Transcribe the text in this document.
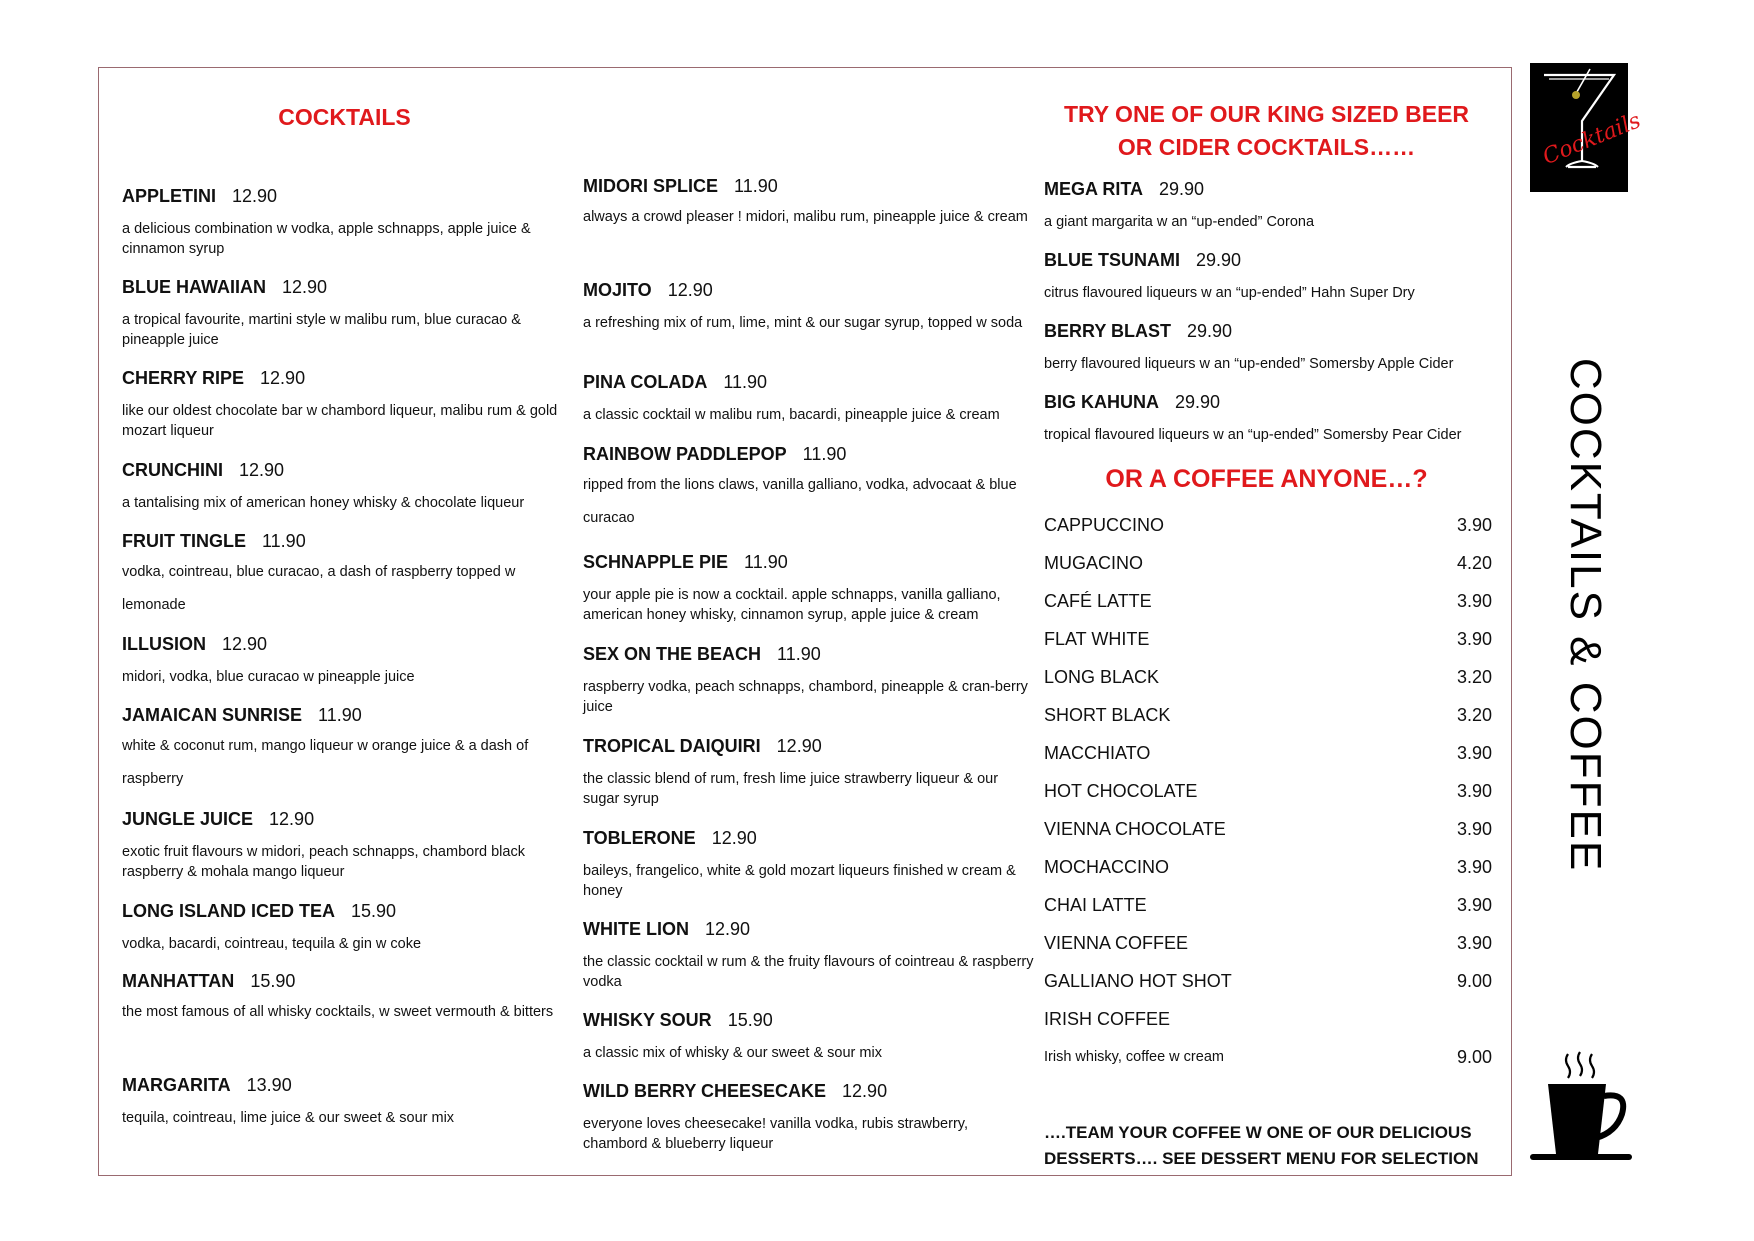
COCKTAILS
APPLETINI 12.90
a delicious combination w vodka, apple schnapps, apple juice & cinnamon syrup
BLUE HAWAIIAN 12.90
a tropical favourite, martini style w malibu rum, blue curacao & pineapple juice
CHERRY RIPE 12.90
like our oldest chocolate bar w chambord liqueur, malibu rum & gold mozart liqueur
CRUNCHINI 12.90
a tantalising mix of american honey whisky & chocolate liqueur
FRUIT TINGLE 11.90
vodka, cointreau, blue curacao, a dash of raspberry topped w lemonade
ILLUSION 12.90
midori, vodka, blue curacao w pineapple juice
JAMAICAN SUNRISE 11.90
white & coconut rum, mango liqueur w orange juice & a dash of raspberry
JUNGLE JUICE 12.90
exotic fruit flavours w midori, peach schnapps, chambord black raspberry & mohala mango liqueur
LONG ISLAND ICED TEA 15.90
vodka, bacardi, cointreau, tequila & gin w coke
MANHATTAN 15.90
the most famous of all whisky cocktails, w sweet vermouth & bitters
MARGARITA 13.90
tequila, cointreau, lime juice & our sweet & sour mix
MIDORI SPLICE 11.90
always a crowd pleaser ! midori, malibu rum, pineapple juice & cream
MOJITO 12.90
a refreshing mix of rum, lime, mint & our sugar syrup, topped w soda
PINA COLADA 11.90
a classic cocktail w malibu rum, bacardi, pineapple juice & cream
RAINBOW PADDLEPOP 11.90
ripped from the lions claws, vanilla galliano, vodka, advocaat & blue curacao
SCHNAPPLE PIE 11.90
your apple pie is now a cocktail. apple schnapps, vanilla galliano, american honey whisky, cinnamon syrup, apple juice & cream
SEX ON THE BEACH 11.90
raspberry vodka, peach schnapps, chambord, pineapple & cran-berry juice
TROPICAL DAIQUIRI 12.90
the classic blend of rum, fresh lime juice strawberry liqueur & our sugar syrup
TOBLERONE 12.90
baileys, frangelico, white & gold mozart liqueurs finished w cream & honey
WHITE LION 12.90
the classic cocktail w rum & the fruity flavours of cointreau & raspberry vodka
WHISKY SOUR 15.90
a classic mix of whisky & our sweet & sour mix
WILD BERRY CHEESECAKE 12.90
everyone loves cheesecake! vanilla vodka, rubis strawberry, chambord & blueberry liqueur
TRY ONE OF OUR KING SIZED BEER OR CIDER COCKTAILS……
MEGA RITA 29.90
a giant margarita w an “up-ended” Corona
BLUE TSUNAMI 29.90
citrus flavoured liqueurs w an “up-ended” Hahn Super Dry
BERRY BLAST 29.90
berry flavoured liqueurs w an “up-ended” Somersby Apple Cider
BIG KAHUNA 29.90
tropical flavoured liqueurs w an “up-ended” Somersby Pear Cider
OR A COFFEE ANYONE…?
CAPPUCCINO	3.90
MUGACINO	4.20
CAFÉ LATTE	3.90
FLAT WHITE	3.90
LONG BLACK	3.20
SHORT BLACK	3.20
MACCHIATO	3.90
HOT CHOCOLATE	3.90
VIENNA CHOCOLATE	3.90
MOCHACCINO	3.90
CHAI LATTE	3.90
VIENNA COFFEE	3.90
GALLIANO HOT SHOT	9.00
IRISH COFFEE
Irish whisky, coffee w cream	9.00
….TEAM YOUR COFFEE W ONE OF OUR DELICIOUS DESSERTS…. SEE DESSERT MENU FOR SELECTION
Cocktails
COCKTAILS & COFFEE
